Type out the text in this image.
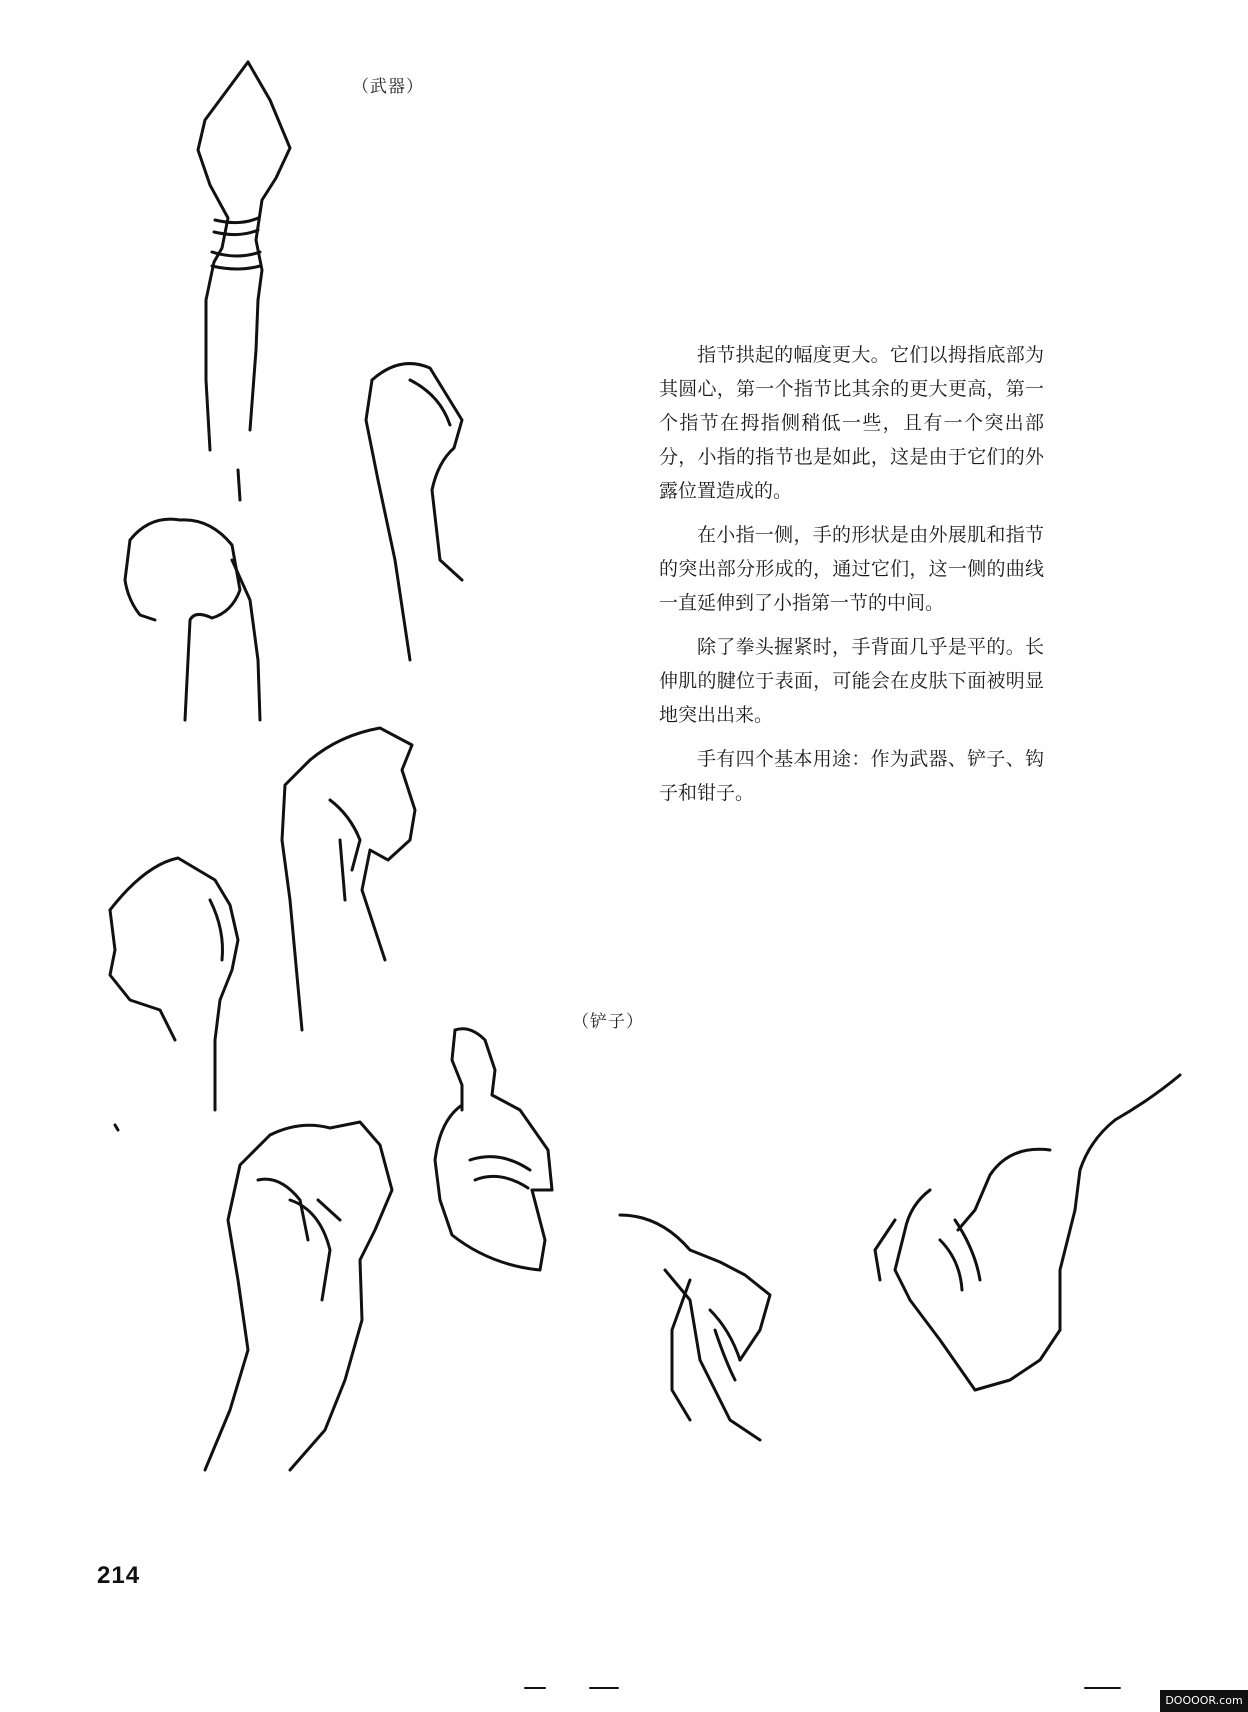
（武器）
（铲子）

指节拱起的幅度更大。它们以拇指底部为其圆心，第一个指节比其余的更大更高，第一个指节在拇指侧稍低一些，且有一个突出部分，小指的指节也是如此，这是由于它们的外露位置造成的。

在小指一侧，手的形状是由外展肌和指节的突出部分形成的，通过它们，这一侧的曲线一直延伸到了小指第一节的中间。

除了拳头握紧时，手背面几乎是平的。长伸肌的腱位于表面，可能会在皮肤下面被明显地突出出来。

手有四个基本用途：作为武器、铲子、钩子和钳子。

214
DOOOOR.com
